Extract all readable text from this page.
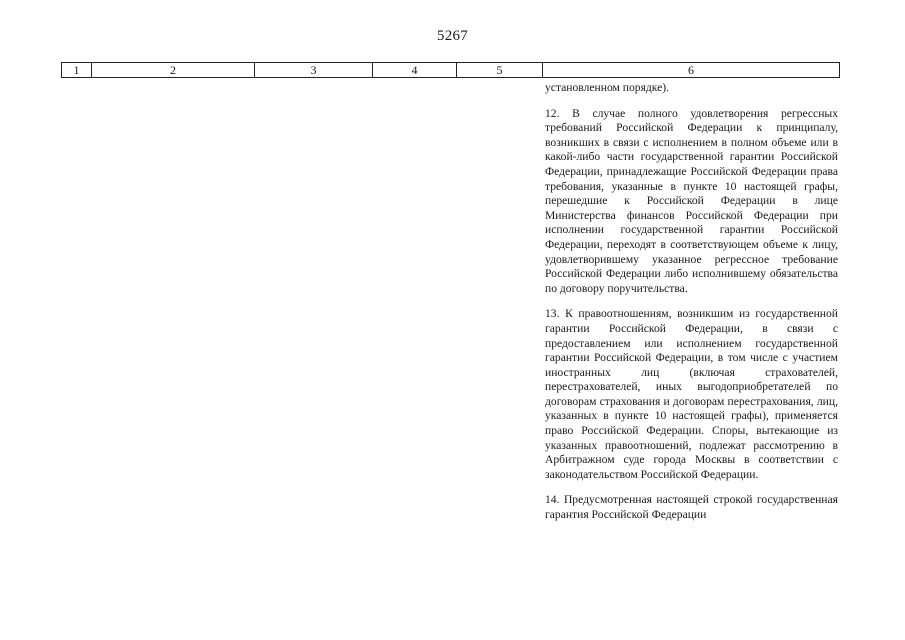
5267
1	2	3	4	5	6

установленном порядке).

12. В случае полного удовлетворения регрессных требований Российской Федерации к принципалу, возникших в связи с исполнением в полном объеме или в какой-либо части государственной гарантии Российской Федерации, принадлежащие Российской Федерации права требования, указанные в пункте 10 настоящей графы, перешедшие к Российской Федерации в лице Министерства финансов Российской Федерации при исполнении государственной гарантии Российской Федерации, переходят в соответствующем объеме к лицу, удовлетворившему указанное регрессное требование Российской Федерации либо исполнившему обязательства по договору поручительства.

13. К правоотношениям, возникшим из государственной гарантии Российской Федерации, в связи с предоставлением или исполнением государственной гарантии Российской Федерации, в том числе с участием иностранных лиц (включая страхователей, перестрахователей, иных выгодоприобретателей по договорам страхования и договорам перестрахования, лиц, указанных в пункте 10 настоящей графы), применяется право Российской Федерации. Споры, вытекающие из указанных правоотношений, подлежат рассмотрению в Арбитражном суде города Москвы в соответствии с законодательством Российской Федерации.

14. Предусмотренная настоящей строкой государственная гарантия Российской Федерации
